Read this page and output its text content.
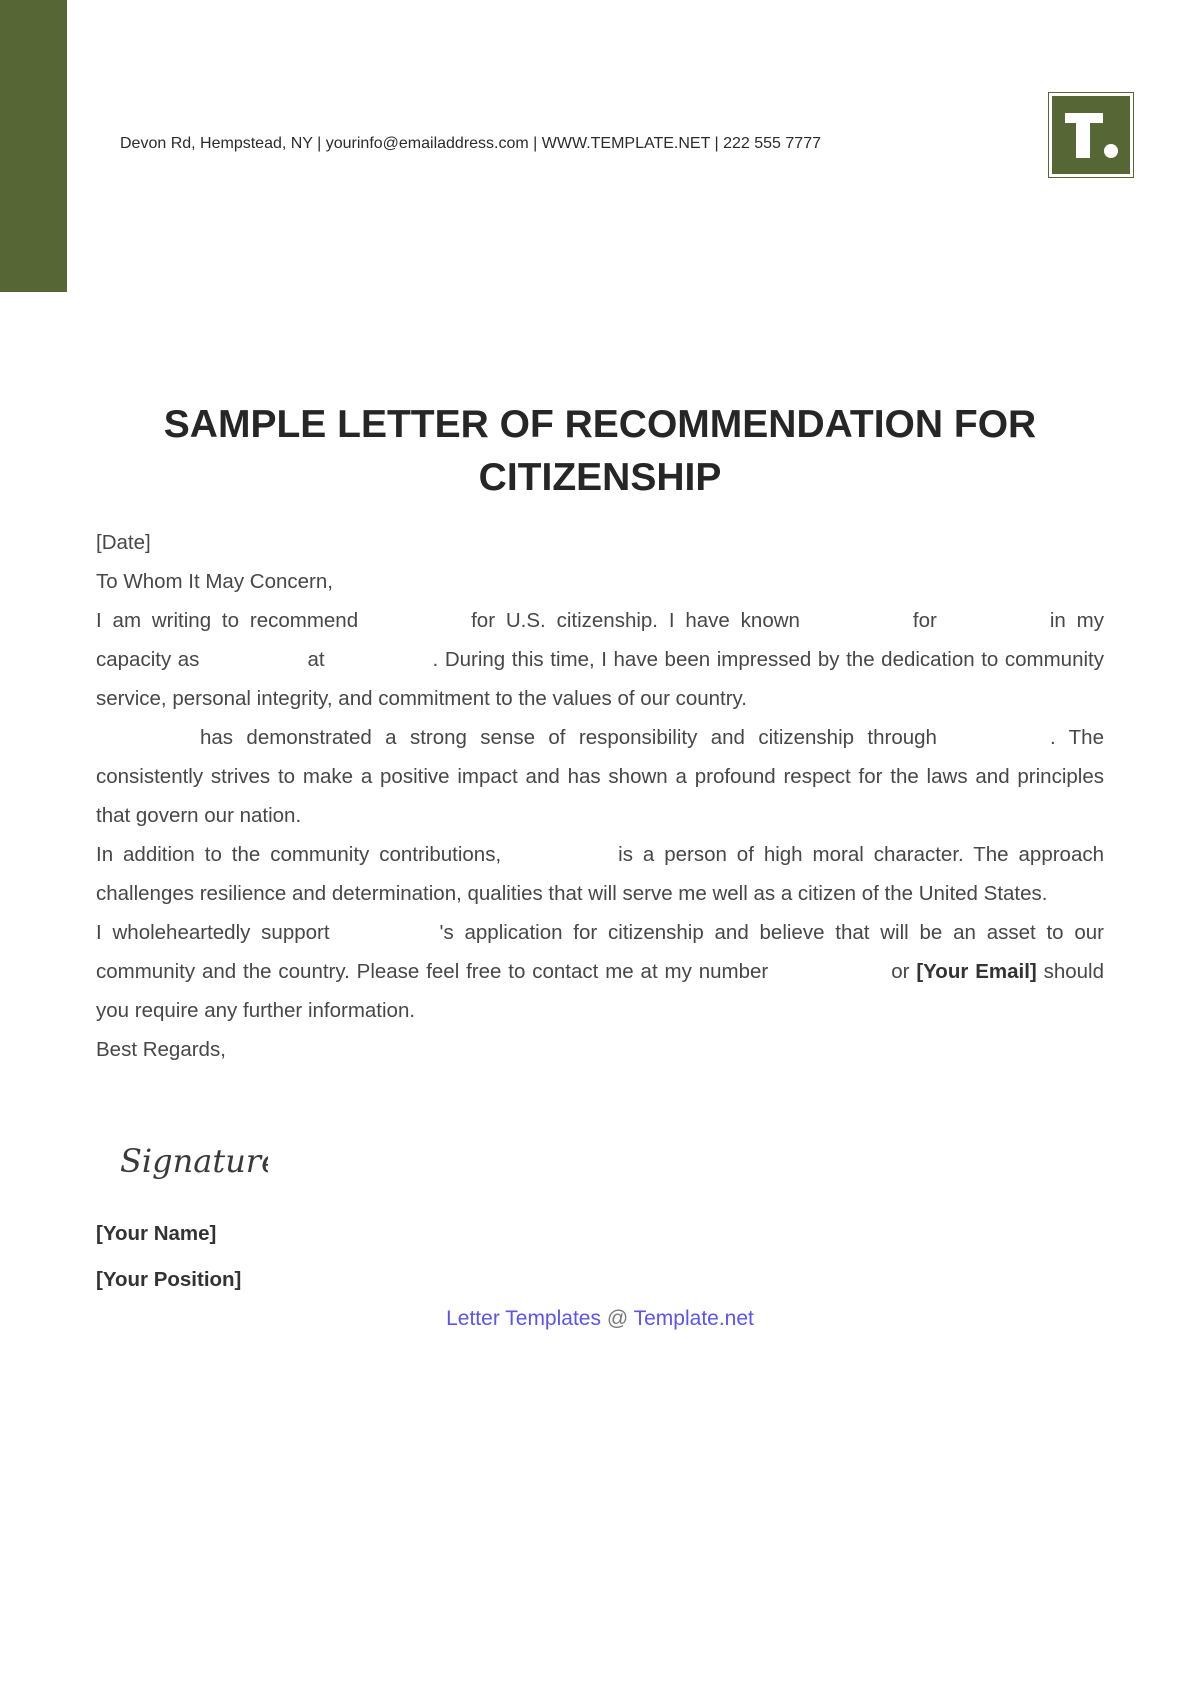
Devon Rd, Hempstead, NY | yourinfo@emailaddress.com | WWW.TEMPLATE.NET | 222 555 7777
SAMPLE LETTER OF RECOMMENDATION FOR CITIZENSHIP
[Date]
To Whom It May Concern,
I am writing to recommend	for U.S. citizenship. I have known	for	in my capacity as	at	. During this time, I have been impressed by the dedication to community service, personal integrity, and commitment to the values of our country.
has demonstrated a strong sense of responsibility and citizenship through	. The consistently strives to make a positive impact and has shown a profound respect for the laws and principles that govern our nation.
In addition to the community contributions,	is a person of high moral character. The approach challenges resilience and determination, qualities that will serve me well as a citizen of the United States.
I wholeheartedly support	's application for citizenship and believe that will be an asset to our community and the country. Please feel free to contact me at my number	or [Your Email] should you require any further information.
Best Regards,
Signature
[Your Name]
[Your Position]
Letter Templates @ Template.net
